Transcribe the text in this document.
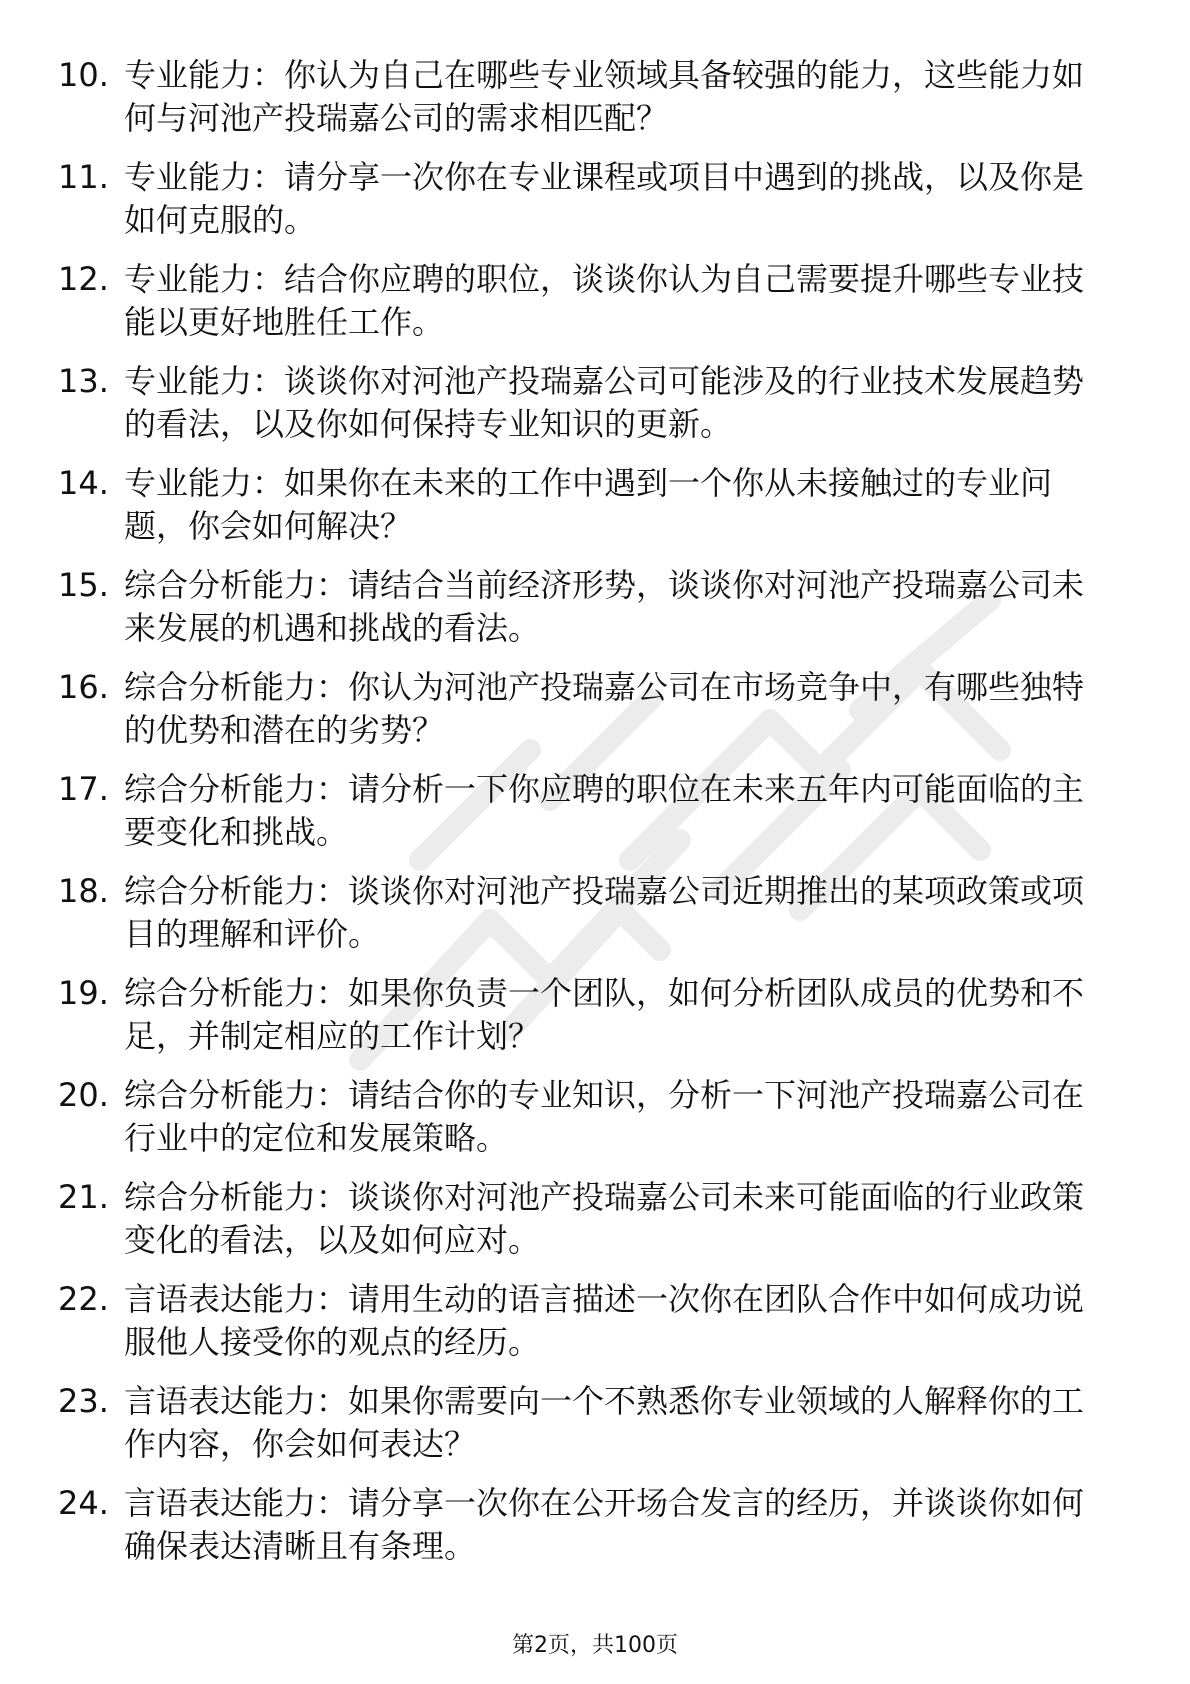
10. 专业能力：你认为自己在哪些专业领域具备较强的能力，这些能力如何与河池产投瑞嘉公司的需求相匹配？
11. 专业能力：请分享一次你在专业课程或项目中遇到的挑战，以及你是如何克服的。
12. 专业能力：结合你应聘的职位，谈谈你认为自己需要提升哪些专业技能以更好地胜任工作。
13. 专业能力：谈谈你对河池产投瑞嘉公司可能涉及的行业技术发展趋势的看法，以及你如何保持专业知识的更新。
14. 专业能力：如果你在未来的工作中遇到一个你从未接触过的专业问题，你会如何解决？
15. 综合分析能力：请结合当前经济形势，谈谈你对河池产投瑞嘉公司未来发展的机遇和挑战的看法。
16. 综合分析能力：你认为河池产投瑞嘉公司在市场竞争中，有哪些独特的优势和潜在的劣势？
17. 综合分析能力：请分析一下你应聘的职位在未来五年内可能面临的主要变化和挑战。
18. 综合分析能力：谈谈你对河池产投瑞嘉公司近期推出的某项政策或项目的理解和评价。
19. 综合分析能力：如果你负责一个团队，如何分析团队成员的优势和不足，并制定相应的工作计划？
20. 综合分析能力：请结合你的专业知识，分析一下河池产投瑞嘉公司在行业中的定位和发展策略。
21. 综合分析能力：谈谈你对河池产投瑞嘉公司未来可能面临的行业政策变化的看法，以及如何应对。
22. 言语表达能力：请用生动的语言描述一次你在团队合作中如何成功说服他人接受你的观点的经历。
23. 言语表达能力：如果你需要向一个不熟悉你专业领域的人解释你的工作内容，你会如何表达？
24. 言语表达能力：请分享一次你在公开场合发言的经历，并谈谈你如何确保表达清晰且有条理。
第2页，共100页
